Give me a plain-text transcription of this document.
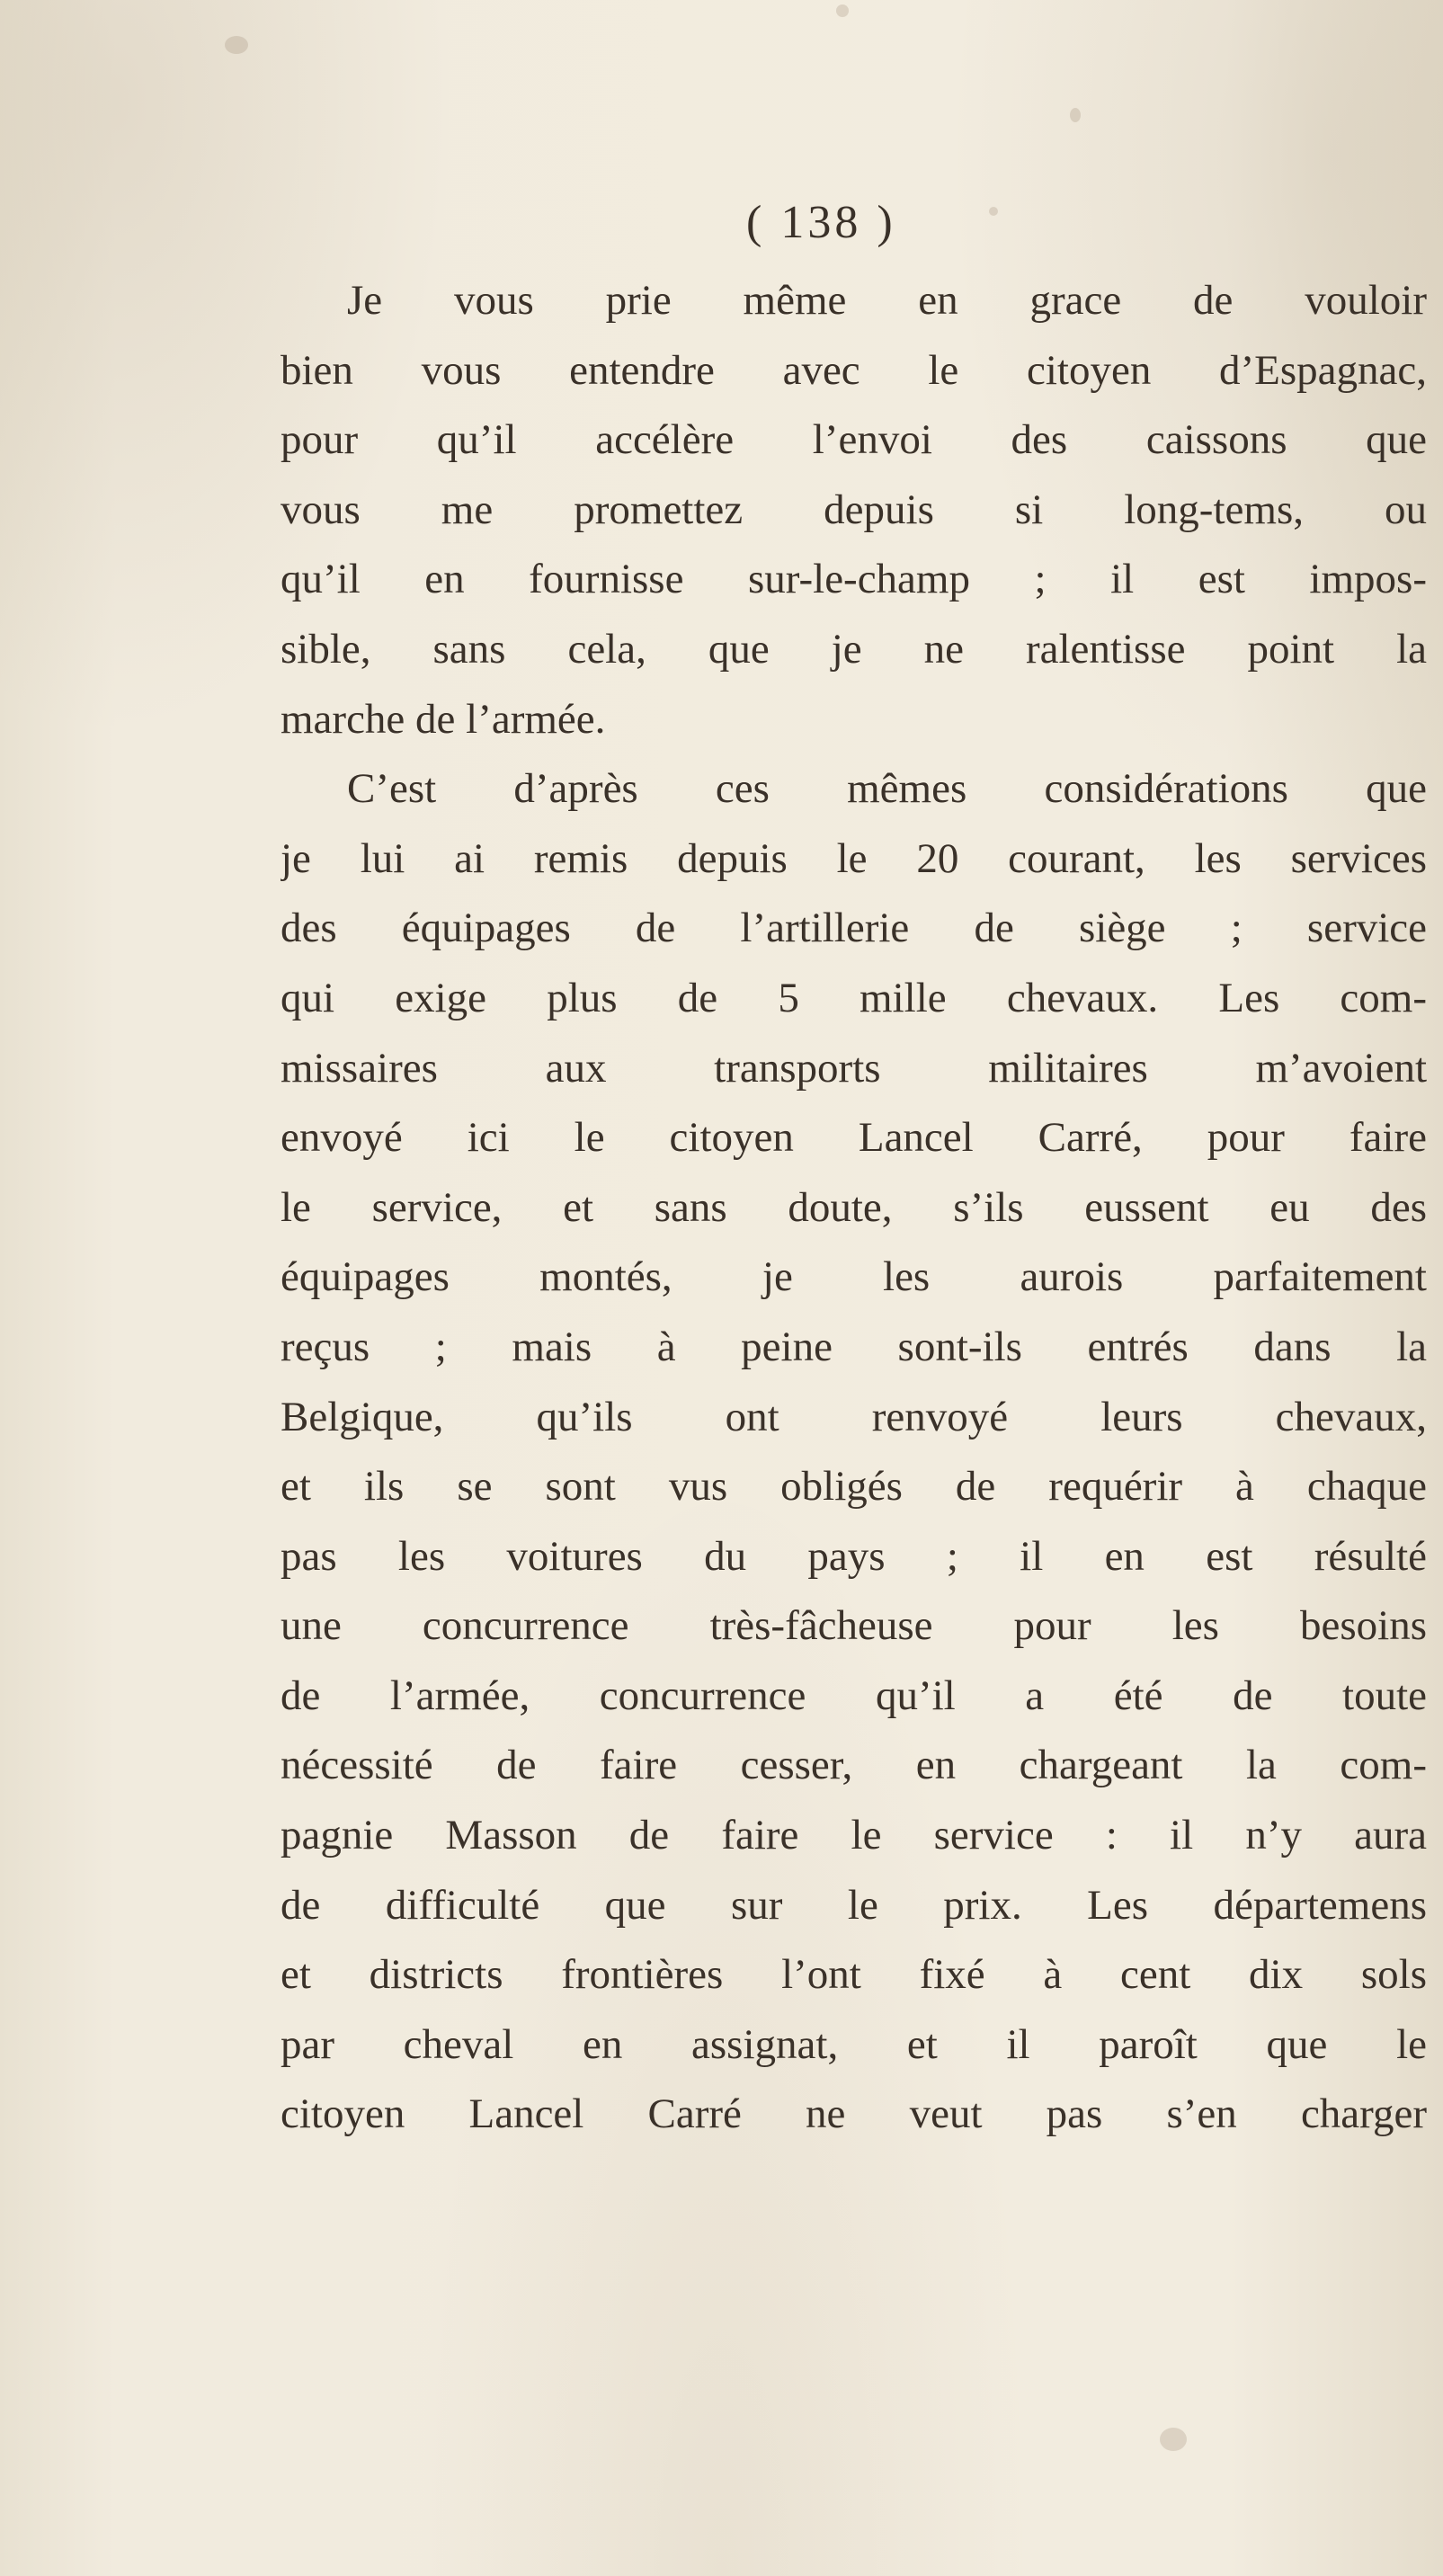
( 138 )
Je vous prie même en grace de vouloir
bien vous entendre avec le citoyen d’Espagnac,
pour qu’il accélère l’envoi des caissons que
vous me promettez depuis si long-tems, ou
qu’il en fournisse sur-le-champ ; il est impos-
sible, sans cela, que je ne ralentisse point la
marche de l’armée.
C’est d’après ces mêmes considérations que
je lui ai remis depuis le 20 courant, les services
des équipages de l’artillerie de siège ; service
qui exige plus de 5 mille chevaux. Les com-
missaires aux transports militaires m’avoient
envoyé ici le citoyen Lancel Carré, pour faire
le service, et sans doute, s’ils eussent eu des
équipages montés, je les aurois parfaitement
reçus ; mais à peine sont-ils entrés dans la
Belgique, qu’ils ont renvoyé leurs chevaux,
et ils se sont vus obligés de requérir à chaque
pas les voitures du pays ; il en est résulté
une concurrence très-fâcheuse pour les besoins
de l’armée, concurrence qu’il a été de toute
nécessité de faire cesser, en chargeant la com-
pagnie Masson de faire le service : il n’y aura
de difficulté que sur le prix. Les départemens
et districts frontières l’ont fixé à cent dix sols
par cheval en assignat, et il paroît que le
citoyen Lancel Carré ne veut pas s’en charger
